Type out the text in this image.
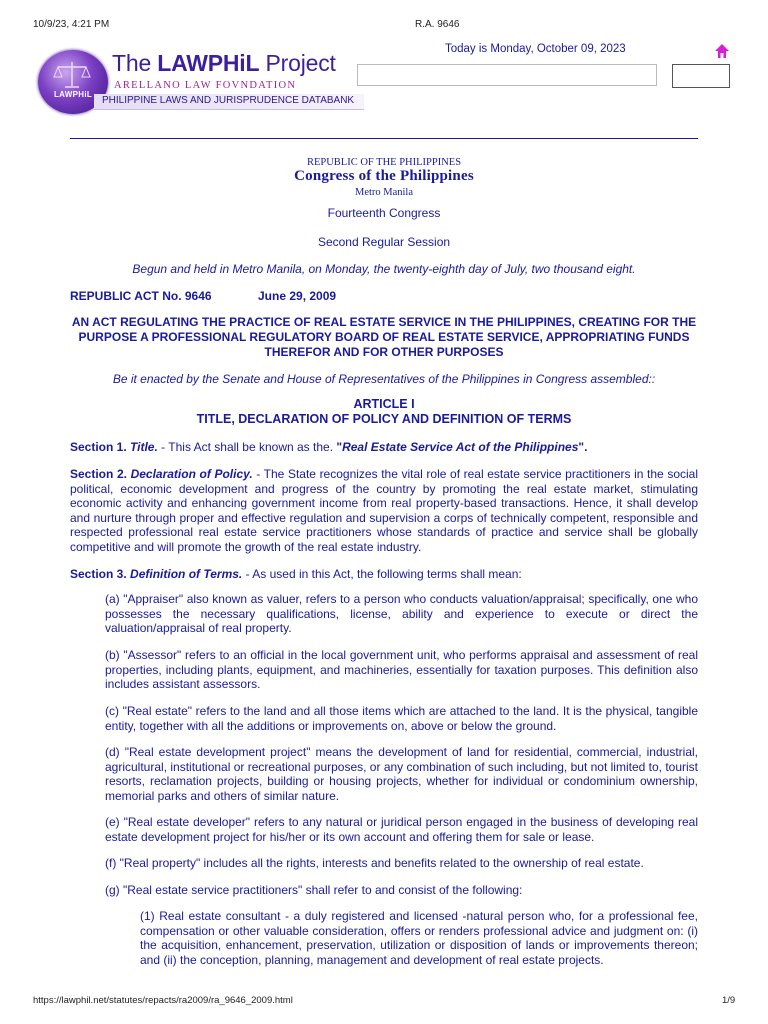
10/9/23, 4:21 PM	R.A. 9646
LAWPHiL
The LAWPHiL Project
ARELLANO LAW FOVNDATION
PHILIPPINE LAWS AND JURISPRUDENCE DATABANK
Today is Monday, October 09, 2023
REPUBLIC OF THE PHILIPPINES
Congress of the Philippines
Metro Manila
Fourteenth Congress
Second Regular Session
Begun and held in Metro Manila, on Monday, the twenty-eighth day of July, two thousand eight.
REPUBLIC ACT No. 9646	June 29, 2009
AN ACT REGULATING THE PRACTICE OF REAL ESTATE SERVICE IN THE PHILIPPINES, CREATING FOR THE PURPOSE A PROFESSIONAL REGULATORY BOARD OF REAL ESTATE SERVICE, APPROPRIATING FUNDS THEREFOR AND FOR OTHER PURPOSES
Be it enacted by the Senate and House of Representatives of the Philippines in Congress assembled::
ARTICLE I
TITLE, DECLARATION OF POLICY AND DEFINITION OF TERMS

Section 1. Title. - This Act shall be known as the. "Real Estate Service Act of the Philippines".

Section 2. Declaration of Policy. - The State recognizes the vital role of real estate service practitioners in the social political, economic development and progress of the country by promoting the real estate market, stimulating economic activity and enhancing government income from real property-based transactions. Hence, it shall develop and nurture through proper and effective regulation and supervision a corps of technically competent, responsible and respected professional real estate service practitioners whose standards of practice and service shall be globally competitive and will promote the growth of the real estate industry.

Section 3. Definition of Terms. - As used in this Act, the following terms shall mean:

(a) "Appraiser" also known as valuer, refers to a person who conducts valuation/appraisal; specifically, one who possesses the necessary qualifications, license, ability and experience to execute or direct the valuation/appraisal of real property.

(b) "Assessor" refers to an official in the local government unit, who performs appraisal and assessment of real properties, including plants, equipment, and machineries, essentially for taxation purposes. This definition also includes assistant assessors.

(c) "Real estate" refers to the land and all those items which are attached to the land. It is the physical, tangible entity, together with all the additions or improvements on, above or below the ground.

(d) "Real estate development project" means the development of land for residential, commercial, industrial, agricultural, institutional or recreational purposes, or any combination of such including, but not limited to, tourist resorts, reclamation projects, building or housing projects, whether for individual or condominium ownership, memorial parks and others of similar nature.

(e) "Real estate developer" refers to any natural or juridical person engaged in the business of developing real estate development project for his/her or its own account and offering them for sale or lease.

(f) "Real property" includes all the rights, interests and benefits related to the ownership of real estate.

(g) "Real estate service practitioners" shall refer to and consist of the following:

(1) Real estate consultant - a duly registered and licensed -natural person who, for a professional fee, compensation or other valuable consideration, offers or renders professional advice and judgment on: (i) the acquisition, enhancement, preservation, utilization or disposition of lands or improvements thereon; and (ii) the conception, planning, management and development of real estate projects.

https://lawphil.net/statutes/repacts/ra2009/ra_9646_2009.html	1/9
